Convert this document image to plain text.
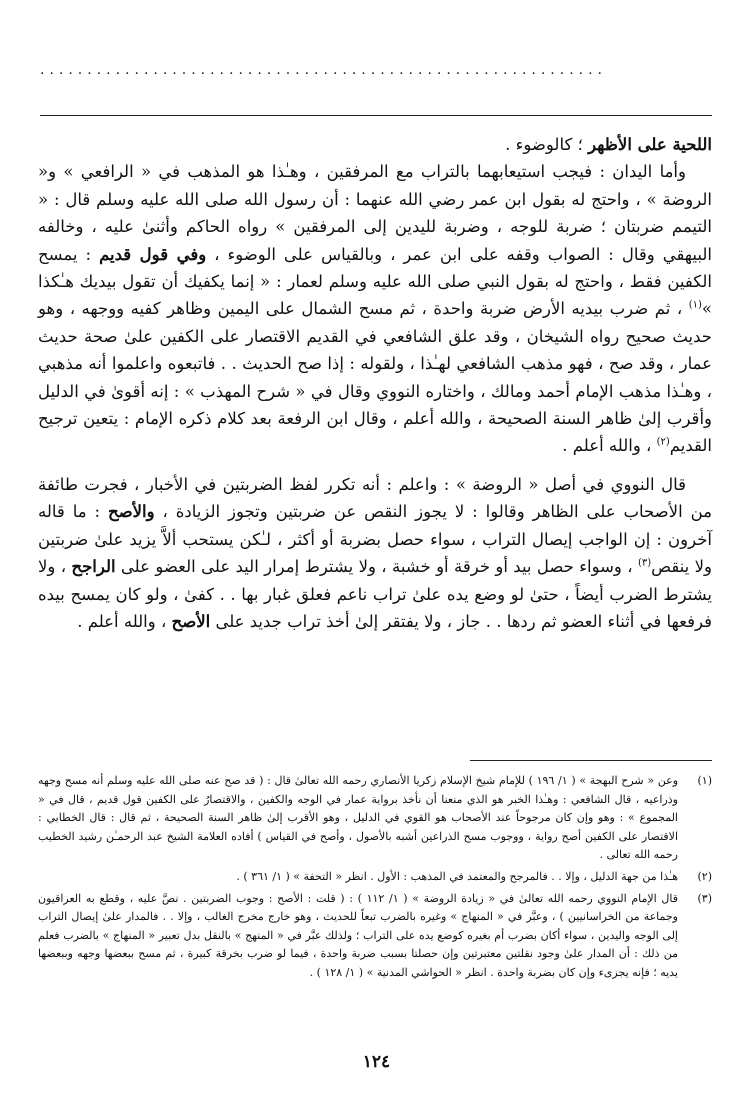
............................................................

اللحية على الأظهر ؛ كالوضوء .

وأما اليدان : فيجب استيعابهما بالتراب مع المرفقين ، وهـٰذا هو المذهب في « الرافعي » و« الروضة » ، واحتج له بقول ابن عمر رضي الله عنهما : أن رسول الله صلى الله عليه وسلم قال : « التيمم ضربتان ؛ ضربة للوجه ، وضربة لليدين إلى المرفقين » رواه الحاكم وأثنىٰ عليه ، وخالفه البيهقي وقال : الصواب وقفه على ابن عمر ، وبالقياس على الوضوء ، وفي قول قديم : يمسح الكفين فقط ، واحتج له بقول النبي صلى الله عليه وسلم لعمار : « إنما يكفيك أن تقول بيديك هـٰكذا »$^{(١)}$ ، ثم ضرب بيديه الأرض ضربة واحدة ، ثم مسح الشمال على اليمين وظاهر كفيه ووجهه ، وهو حديث صحيح رواه الشيخان ، وقد علق الشافعي في القديم الاقتصار على الكفين علىٰ صحة حديث عمار ، وقد صح ، فهو مذهب الشافعي لهـٰذا ، ولقوله : إذا صح الحديث . . فاتبعوه واعلموا أنه مذهبي ، وهـٰذا مذهب الإمام أحمد ومالك ، واختاره النووي وقال في « شرح المهذب » : إنه أقوىٰ في الدليل وأقرب إلىٰ ظاهر السنة الصحيحة ، والله أعلم ، وقال ابن الرفعة بعد كلام ذكره الإمام : يتعين ترجيح القديم$^{(٢)}$ ، والله أعلم .

قال النووي في أصل « الروضة » : واعلم : أنه تكرر لفظ الضربتين في الأخبار ، فجرت طائفة من الأصحاب على الظاهر وقالوا : لا يجوز النقص عن ضربتين وتجوز الزيادة ، والأصح : ما قاله آخرون : إن الواجب إيصال التراب ، سواء حصل بضربة أو أكثر ، لـٰكن يستحب ألاَّ يزيد علىٰ ضربتين ولا ينقص$^{(٣)}$ ، وسواء حصل بيد أو خرقة أو خشبة ، ولا يشترط إمرار اليد على العضو على الراجح ، ولا يشترط الضرب أيضاً ، حتىٰ لو وضع يده علىٰ تراب ناعم فعلق غبار بها . . كفىٰ ، ولو كان يمسح بيده فرفعها في أثناء العضو ثم ردها . . جاز ، ولا يفتقر إلىٰ أخذ تراب جديد على الأصح ، والله أعلم .

(١)

وعن « شرح البهجة » ( ١/ ١٩٦ ) للإمام شيخ الإسلام زكريا الأنصاري رحمه الله تعالىٰ قال : ( قد صح عنه صلى الله عليه وسلم أنه مسح وجهه وذراعيه ، قال الشافعي : وهـٰذا الخبر هو الذي منعنا أن نأخذ برواية عمار في الوجه والكفين ، والاقتصارُ على الكفين قول قديم ، قال في « المجموع » : وهو وإن كان مرجوحاً عند الأصحاب هو القوي في الدليل ، وهو الأقرب إلىٰ ظاهر السنة الصحيحة ، ثم قال : قال الخطابي : الاقتصار على الكفين أصح رواية ، ووجوب مسح الذراعين أشبه بالأصول ، وأصح في القياس ) أفاده العلامة الشيخ عبد الرحمـٰن رشيد الخطيب رحمه الله تعالى .

(٢)

هـٰذا من جهة الدليل ، وإلا . . فالمرجح والمعتمد في المذهب : الأول . انظر « التحفة » ( ١/ ٣٦١ ) .

(٣)

قال الإمام النووي رحمه الله تعالىٰ في « زيادة الروضة » ( ١/ ١١٢ ) : ( قلت : الأصح : وجوب الضربتين . نصَّ عليه ، وقطع به العراقيون وجماعة من الخراسانيين ) ، وعبَّر في « المنهاج » وغيره بالضرب تبعاً للحديث ، وهو خارج مخرج الغالب ، وإلا . . فالمدار علىٰ إيصال التراب إلى الوجه واليدين ، سواء أكان بضرب أم بغيره كوضع يده على التراب ؛ ولذلك عبَّر في « المنهج » بالنقل بدل تعبير « المنهاج » بالضرب فعلم من ذلك : أن المدار علىٰ وجود نقلتين معتبرتين وإن حصلتا بسبب ضربة واحدة ، فيما لو ضرب بخرقة كبيرة ، ثم مسح ببعضها وجهه وببعضها يديه ؛ فإنه يجزىء وإن كان بضربة واحدة . انظر « الحواشي المدنية » ( ١/ ١٢٨ ) .

١٢٤
